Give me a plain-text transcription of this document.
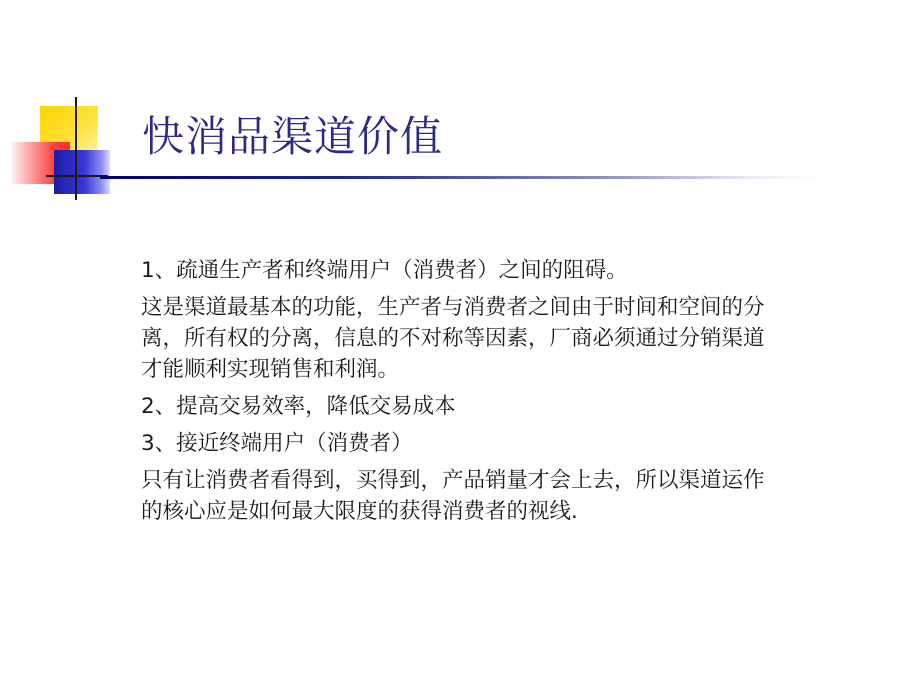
快消品渠道价值

1、疏通生产者和终端用户（消费者）之间的阻碍。

这是渠道最基本的功能，生产者与消费者之间由于时间和空间的分离，所有权的分离，信息的不对称等因素，厂商必须通过分销渠道才能顺利实现销售和利润。

2、提高交易效率，降低交易成本

3、接近终端用户（消费者）

只有让消费者看得到，买得到，产品销量才会上去，所以渠道运作的核心应是如何最大限度的获得消费者的视线.
